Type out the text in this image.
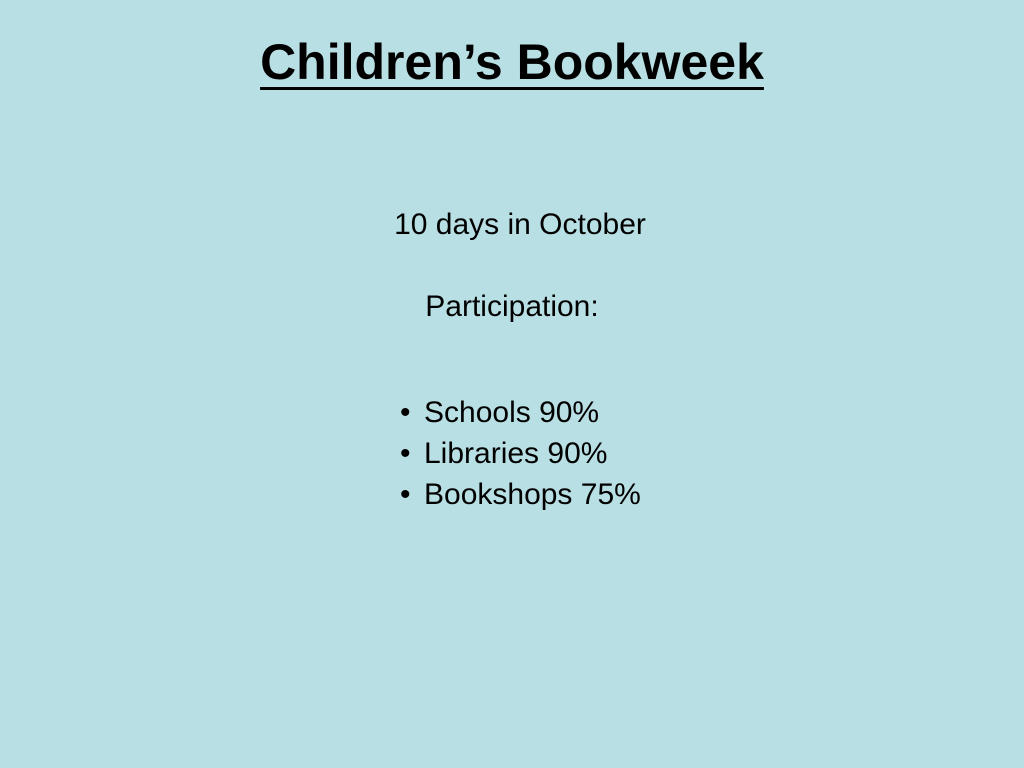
Children’s Bookweek

10 days in October

Participation:

• Schools 90%
• Libraries 90%
• Bookshops 75%
